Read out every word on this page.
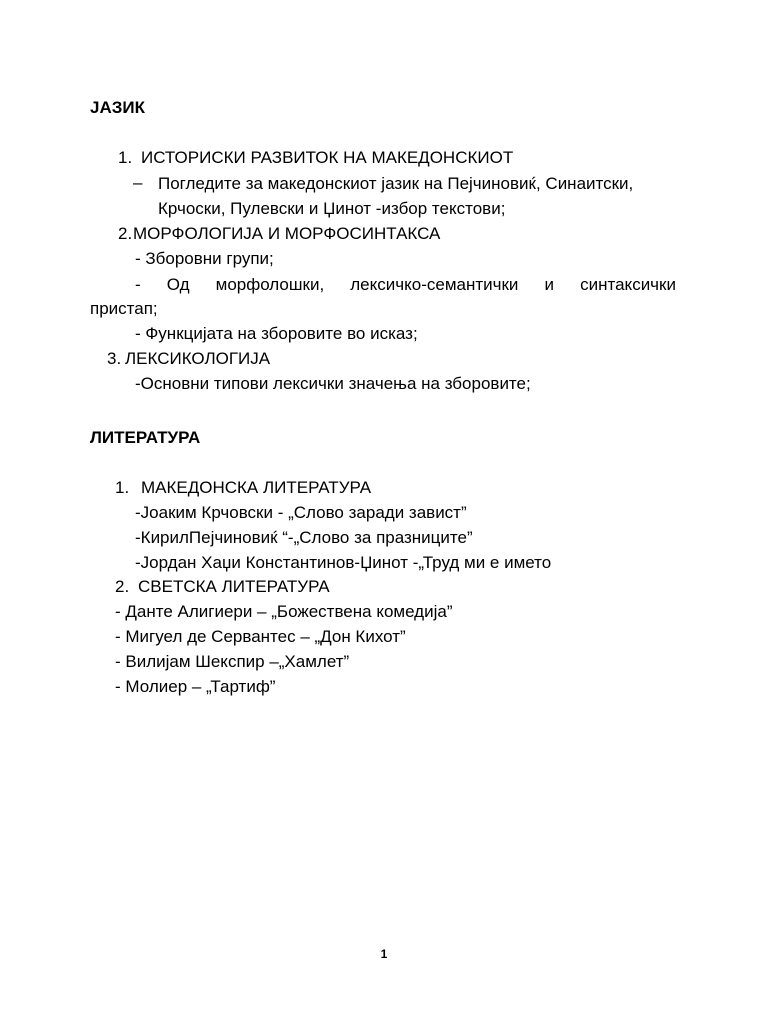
ЈАЗИК
1. ИСТОРИСКИ РАЗВИТОК НА МАКЕДОНСКИОТ
– Погледите за македонскиот јазик на Пејчиновиќ, Синаитски,
Крчоски, Пулевски и Џинот -избор текстови;
2. МОРФОЛОГИЈА И МОРФОСИНТАКСА
- Зборовни групи;
- Од морфолошки, лексичко-семантички и синтаксички
пристап;
- Функцијата на зборовите во исказ;
3. ЛЕКСИКОЛОГИЈА
-Основни типови лексички значења на зборовите;
ЛИТЕРАТУРА
1. МАКЕДОНСКА ЛИТЕРАТУРА
-Јоаким Крчовски - „Слово заради завист”
-КирилПејчиновиќ “-„Слово за празниците”
-Јордан Хаџи Константинов-Џинот -„Труд ми е името
2. СВЕТСКА ЛИТЕРАТУРА
- Данте Алигиери – „Божествена комедија”
- Мигуел де Сервантес – „Дон Кихот”
- Вилијам Шекспир –„Хамлет”
- Молиер – „Тартиф”
1
